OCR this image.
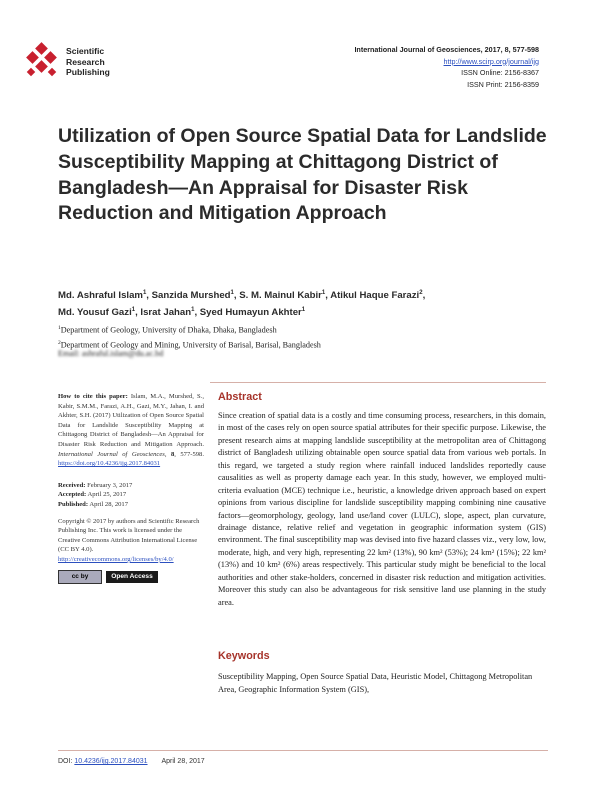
Scientific
Research
Publishing
International Journal of Geosciences, 2017, 8, 577-598
http://www.scirp.org/journal/ijg
ISSN Online: 2156-8367
ISSN Print: 2156-8359
Utilization of Open Source Spatial Data for Landslide Susceptibility Mapping at Chittagong District of Bangladesh—An Appraisal for Disaster Risk Reduction and Mitigation Approach
Md. Ashraful Islam$^1$, Sanzida Murshed$^1$, S. M. Mainul Kabir$^1$, Atikul Haque Farazi$^2$,
Md. Yousuf Gazi$^1$, Israt Jahan$^1$, Syed Humayun Akhter$^1$
$^1$Department of Geology, University of Dhaka, Dhaka, Bangladesh
$^2$Department of Geology and Mining, University of Barisal, Barisal, Bangladesh
Email: ashraful.islam@du.ac.bd

How to cite this paper: Islam, M.A., Murshed, S., Kabir, S.M.M., Farazi, A.H., Gazi, M.Y., Jahan, I. and Akhter, S.H. (2017) Utilization of Open Source Spatial Data for Landslide Susceptibility Mapping at Chittagong District of Bangladesh—An Appraisal for Disaster Risk Reduction and Mitigation Approach. International Journal of Geosciences, 8, 577-598. https://doi.org/10.4236/ijg.2017.84031

Received: February 3, 2017

Accepted: April 25, 2017

Published: April 28, 2017

Copyright © 2017 by authors and Scientific Research Publishing Inc. This work is licensed under the Creative Commons Attribution International License (CC BY 4.0).

http://creativecommons.org/licenses/by/4.0/

cc by	Open Access
Abstract

Since creation of spatial data is a costly and time consuming process, researchers, in this domain, in most of the cases rely on open source spatial attributes for their specific purpose. Likewise, the present research aims at mapping landslide susceptibility at the metropolitan area of Chittagong district of Bangladesh utilizing obtainable open source spatial data from various web portals. In this regard, we targeted a study region where rainfall induced landslides reportedly cause causalities as well as property damage each year. In this study, however, we employed multi-criteria evaluation (MCE) technique i.e., heuristic, a knowledge driven approach based on expert opinions from various discipline for landslide susceptibility mapping combining nine causative factors—geomorphology, geology, land use/land cover (LULC), slope, aspect, plan curvature, drainage distance, relative relief and vegetation in geographic information system (GIS) environment. The final susceptibility map was devised into five hazard classes viz., very low, low, moderate, high, and very high, representing 22 km² (13%), 90 km² (53%); 24 km² (15%); 22 km² (13%) and 10 km² (6%) areas respectively. This particular study might be beneficial to the local authorities and other stake-holders, concerned in disaster risk reduction and mitigation activities. Moreover this study can also be advantageous for risk sensitive land use planning in the study area.

Keywords

Susceptibility Mapping, Open Source Spatial Data, Heuristic Model, Chittagong Metropolitan Area, Geographic Information System (GIS),

DOI: 10.4236/ijg.2017.84031 April 28, 2017
